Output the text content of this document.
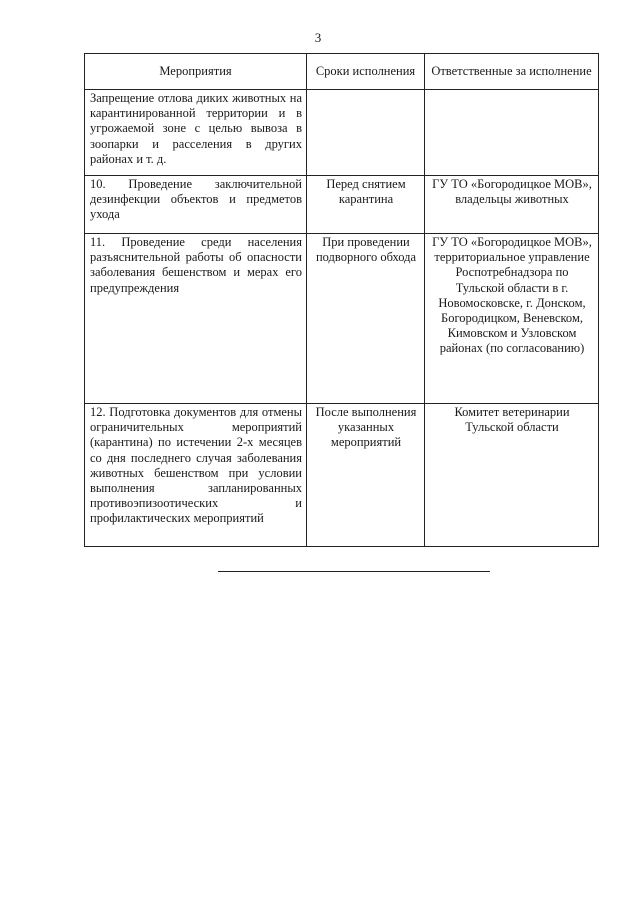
3
Мероприятия	Сроки исполнения	Ответственные за исполнение
Запрещение отлова диких животных на карантинированной территории и в угрожаемой зоне с целью вывоза в зоопарки и расселения в других районах и т. д.		
10. Проведение заключительной дезинфекции объектов и предметов ухода	Перед снятием карантина	ГУ ТО «Богородицкое МОВ», владельцы животных
11. Проведение среди населения разъяснительной работы об опасности заболевания бешенством и мерах его предупреждения	При проведении подворного обхода	ГУ ТО «Богородицкое МОВ», территориальное управление Роспотребнадзора по Тульской области в г. Новомосковске, г. Донском, Богородицком, Веневском, Кимовском и Узловском районах (по согласованию)
12. Подготовка документов для отмены ограничительных мероприятий (карантина) по истечении 2-х месяцев со дня последнего случая заболевания животных бешенством при условии выполнения запланированных противоэпизоотических и профилактических мероприятий	После выполнения указанных мероприятий	Комитет ветеринарии Тульской области
